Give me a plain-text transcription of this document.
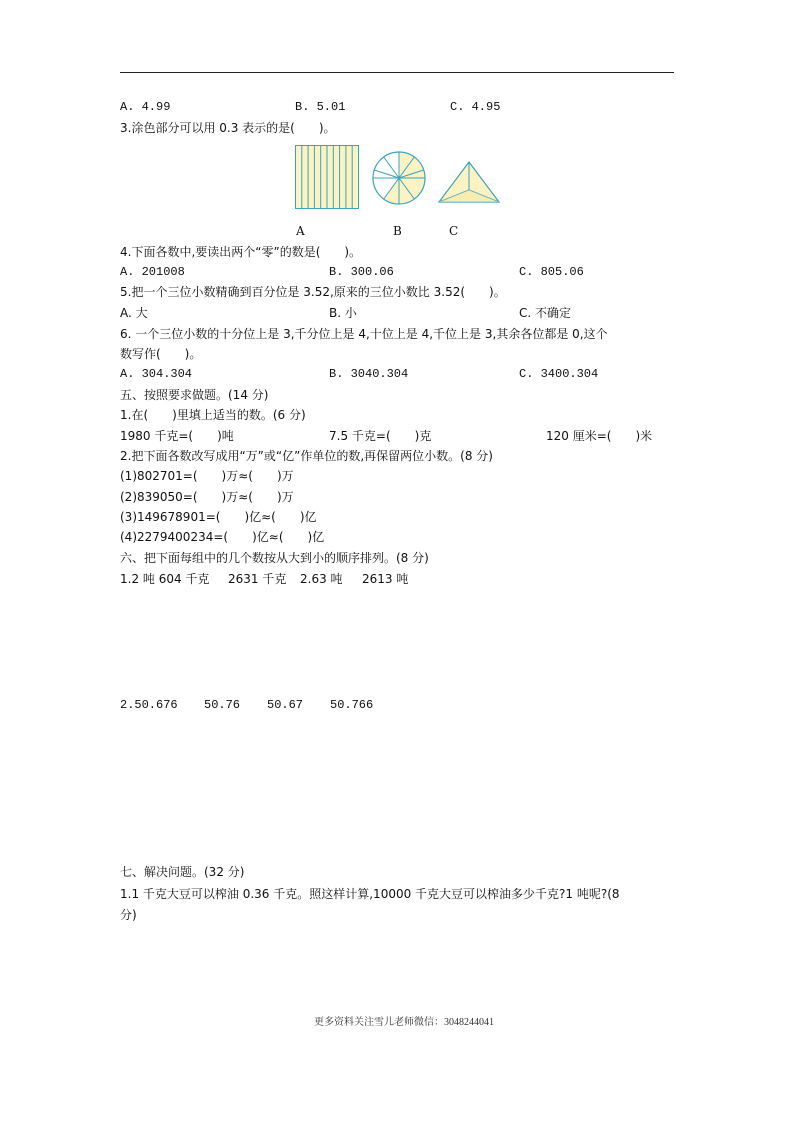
A. 4.99	B. 5.01	C. 4.95
3.涂色部分可以用 0.3 表示的是(　　)。
A	B	C
4.下面各数中,要读出两个“零”的数是(　　)。
A. 201008	B. 300.06	C. 805.06
5.把一个三位小数精确到百分位是 3.52,原来的三位小数比 3.52(　　)。
A. 大	B. 小	C. 不确定
6. 一个三位小数的十分位上是 3,千分位上是 4,十位上是 4,千位上是 3,其余各位都是 0,这个
数写作(　　)。
A. 304.304	B. 3040.304	C. 3400.304
五、按照要求做题。(14 分)
1.在(　　)里填上适当的数。(6 分)
1980 千克=(　　)吨	7.5 千克=(　　)克	120 厘米=(　　)米
2.把下面各数改写成用“万”或“亿”作单位的数,再保留两位小数。(8 分)
(1)802701=(　　)万≈(　　)万
(2)839050=(　　)万≈(　　)万
(3)149678901=(　　)亿≈(　　)亿
(4)2279400234=(　　)亿≈(　　)亿
六、把下面每组中的几个数按从大到小的顺序排列。(8 分)
1.2 吨 604 千克 2631 千克 2.63 吨 2613 吨
2.50.676 50.76 50.67 50.766
七、解决问题。(32 分)
1.1 千克大豆可以榨油 0.36 千克。照这样计算,10000 千克大豆可以榨油多少千克?1 吨呢?(8
分)
更多资料关注雪儿老师微信：3048244041
